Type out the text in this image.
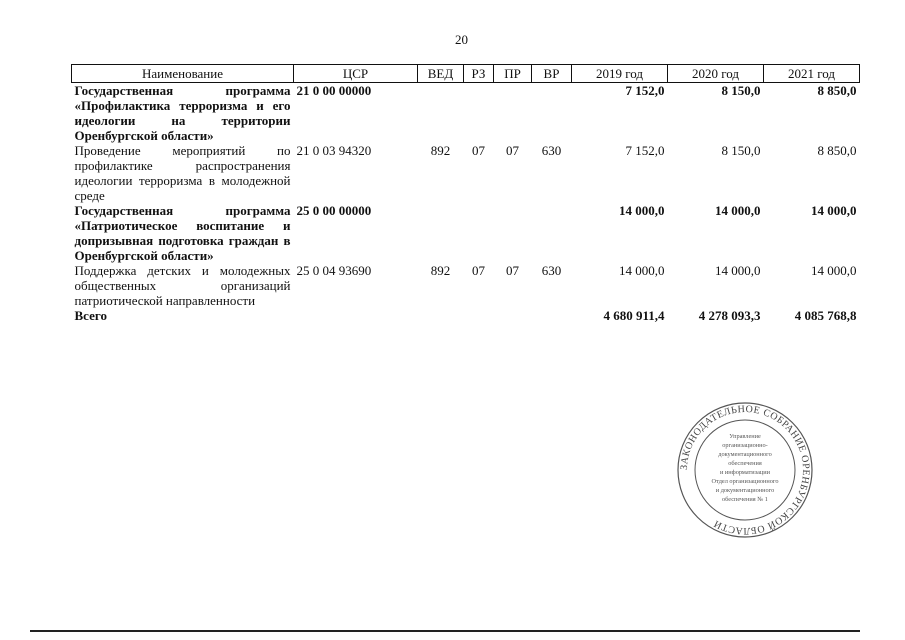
20
Наименование	ЦСР	ВЕД	РЗ	ПР	ВР	2019 год	2020 год	2021 год
Государственная программа «Профилактика терроризма и его идеологии на территории Оренбургской области»	21 0 00 00000					7 152,0	8 150,0	8 850,0
Проведение мероприятий по профилактике распространения идеологии терроризма в молодежной среде	21 0 03 94320	892	07	07	630	7 152,0	8 150,0	8 850,0
Государственная программа «Патриотическое воспитание и допризывная подготовка граждан в Оренбургской области»	25 0 00 00000					14 000,0	14 000,0	14 000,0
Поддержка детских и молодежных общественных организаций патриотической направленности	25 0 04 93690	892	07	07	630	14 000,0	14 000,0	14 000,0
Всего						4 680 911,4	4 278 093,3	4 085 768,8
ЗАКОНОДАТЕЛЬНОЕ СОБРАНИЕ ОРЕНБУРГСКОЙ ОБЛАСТИ
Управление
организационно-
документационного
обеспечения
и информатизации
Отдел организационного
и документационного
обеспечения № 1
